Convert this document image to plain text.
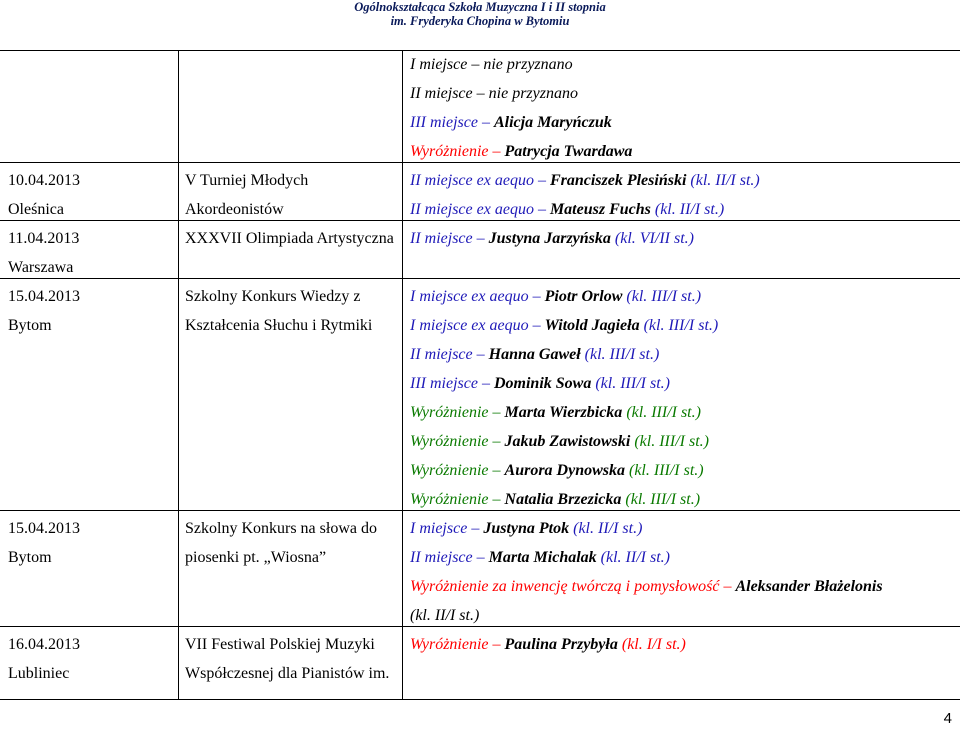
Ogólnokształcąca Szkoła Muzyczna I i II stopnia
im. Fryderyka Chopina w Bytomiu
I miejsce – nie przyznano
II miejsce – nie przyznano
III miejsce – Alicja Maryńczuk
Wyróżnienie – Patrycja Twardawa
10.04.2013
Oleśnica
V Turniej Młodych
Akordeonistów
II miejsce ex aequo – Franciszek Plesiński (kl. II/I st.)
II miejsce ex aequo – Mateusz Fuchs (kl. II/I st.)
11.04.2013
Warszawa
XXXVII Olimpiada Artystyczna II miejsce – Justyna Jarzyńska (kl. VI/II st.)
15.04.2013
Bytom
Szkolny Konkurs Wiedzy z
Kształcenia Słuchu i Rytmiki
I miejsce ex aequo – Piotr Orlow (kl. III/I st.)
I miejsce ex aequo – Witold Jagieła (kl. III/I st.)
II miejsce – Hanna Gaweł (kl. III/I st.)
III miejsce – Dominik Sowa (kl. III/I st.)
Wyróżnienie – Marta Wierzbicka (kl. III/I st.)
Wyróżnienie – Jakub Zawistowski (kl. III/I st.)
Wyróżnienie – Aurora Dynowska (kl. III/I st.)
Wyróżnienie – Natalia Brzezicka (kl. III/I st.)
15.04.2013
Bytom
Szkolny Konkurs na słowa do
piosenki pt. „Wiosna”
I miejsce – Justyna Ptok (kl. II/I st.)
II miejsce – Marta Michalak (kl. II/I st.)
Wyróżnienie za inwencję twórczą i pomysłowość – Aleksander Błażelonis
(kl. II/I st.)
16.04.2013
Lubliniec
VII Festiwal Polskiej Muzyki
Współczesnej dla Pianistów im.
Wyróżnienie – Paulina Przybyła (kl. I/I st.)
4
